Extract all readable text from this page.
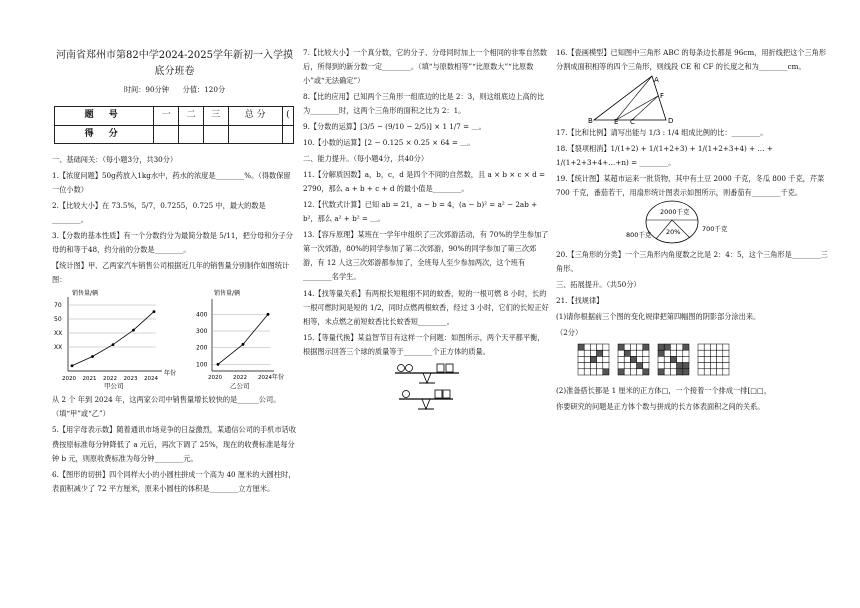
河南省郑州市第82中学2024-2025学年新初一入学摸底分班卷
时间：90分钟 分值：120分
题 号	一	二	三	总 分	(
得 分					

一、基础闯关：（每小题3分，共30分）

1.【浓度问题】50g药放入1kg水中，药水的浓度是________%。（得数保留一位小数）

2.【比较大小】在 73.5%，5/7，0.7255，0.725 中，最大的数是________。

3.【分数的基本性质】有一个分数约分为最简分数是 5/11，把分母和分子分母的和等于48，约分前的分数是________。

【统计图】甲、乙两家汽车销售公司根据近几年的销售量分别制作如图统计图：

销售量/辆
70
50
XX
XX
2020 2021 2022 2023 2024
年份
甲公司
销售量/辆
400
300
200
100
2020 2022 2024 年份
乙公司

从 2 个 年到 2024 年，这两家公司中销售量增长较快的是______公司。（填“甲”或“乙”）

5.【用字母表示数】随着通讯市场竞争的日益激烈，某通信公司的手机市话收费按原标准每分钟降低了 a 元后，再次下调了 25%，现在的收费标准是每分钟 b 元，则原收费标准为每分钟________元。

6.【图形的切拼】四个同样大小的小圆柱拼成一个高为 40 厘米的大圆柱时，表面积减少了 72 平方厘米，原来小圆柱的体积是________立方厘米。

7.【比较大小】一个真分数，它的分子、分母同时加上一个相同的非零自然数后，所得到的新分数一定________。（填“与原数相等”“比原数大”“比原数小”或“无法确定”）

8.【比的应用】已知两个三角形一组底边的比是 2：3，则这组底边上高的比为________时，这两个三角形的面积之比为 2：1。

9.【分数的运算】[3/5 − (9/10 − 2/5)] × 1 1/7 = ＿。

10.【小数的运算】[2 − 0.125 × 0.25 × 64 = ＿。

二、能力提升。（每小题4分，共40分）

11.【分解质因数】a，b，c，d 是四个不同的自然数，且 a × b × c × d = 2790，那么 a + b + c + d 的最小值是________。

12.【代数式计算】已知 ab = 21，a − b = 4，(a − b)² = a² − 2ab + b²，那么 a² + b² = ＿。

13.【容斥原理】某班在一学年中组织了三次郊游活动，有 70%的学生参加了第一次郊游，80%的同学参加了第二次郊游，90%的同学参加了第三次郊游，有 12 人这三次郊游都参加了，全班每人至少参加两次，这个班有________名学生。

14.【找等量关系】有两根长短粗细不同的蚊香，短的一根可燃 8 小时，长的一根可燃时间是短的 1/2，同时点燃两根蚊香，经过 3 小时，它们的长短正好相等，未点燃之前短蚊香比长蚊香短________。

15.【等量代换】某益智节目有这样一个问题：如图所示，两个天平都平衡，根据图示回答三个球的质量等于________个正方体的质量。

16.【瓷画模型】已知图中三角形 ABC 的每条边长都是 96cm，用折线把这个三角形分割成面积相等的四个三角形，则线段 CE 和 CF 的长度之和为________cm。

A
B	E C	D
F

17.【比和比例】请写出能与 1/3 : 1/4 组成比例的比：________。

18.【裂项相消】1/(1+2) + 1/(1+2+3) + 1/(1+2+3+4) + … + 1/(1+2+3+4+…+n) = ________。

19.【统计图】某超市运来一批货物，其中有土豆 2000 千克，冬瓜 800 千克，芹菜 700 千克，番茄若干，用扇形统计图表示如图所示，则番茄有________千克。

2000千克
800千克
700千克
20%

20.【三角形的分类】一个三角形内角度数之比是 2：4：5，这个三角形是________三角形。

三、拓展提升。（共50分）

21.【找规律】

(1)请你根据前三个图的变化规律把第四幅图的阴影部分涂出来。

（2分）

(2)准备搭长都是 1 厘米的正方体□，一个接着一个排成一排[□□，

你要研究的问题是正方体个数与拼成的长方体表面积之间的关系。
